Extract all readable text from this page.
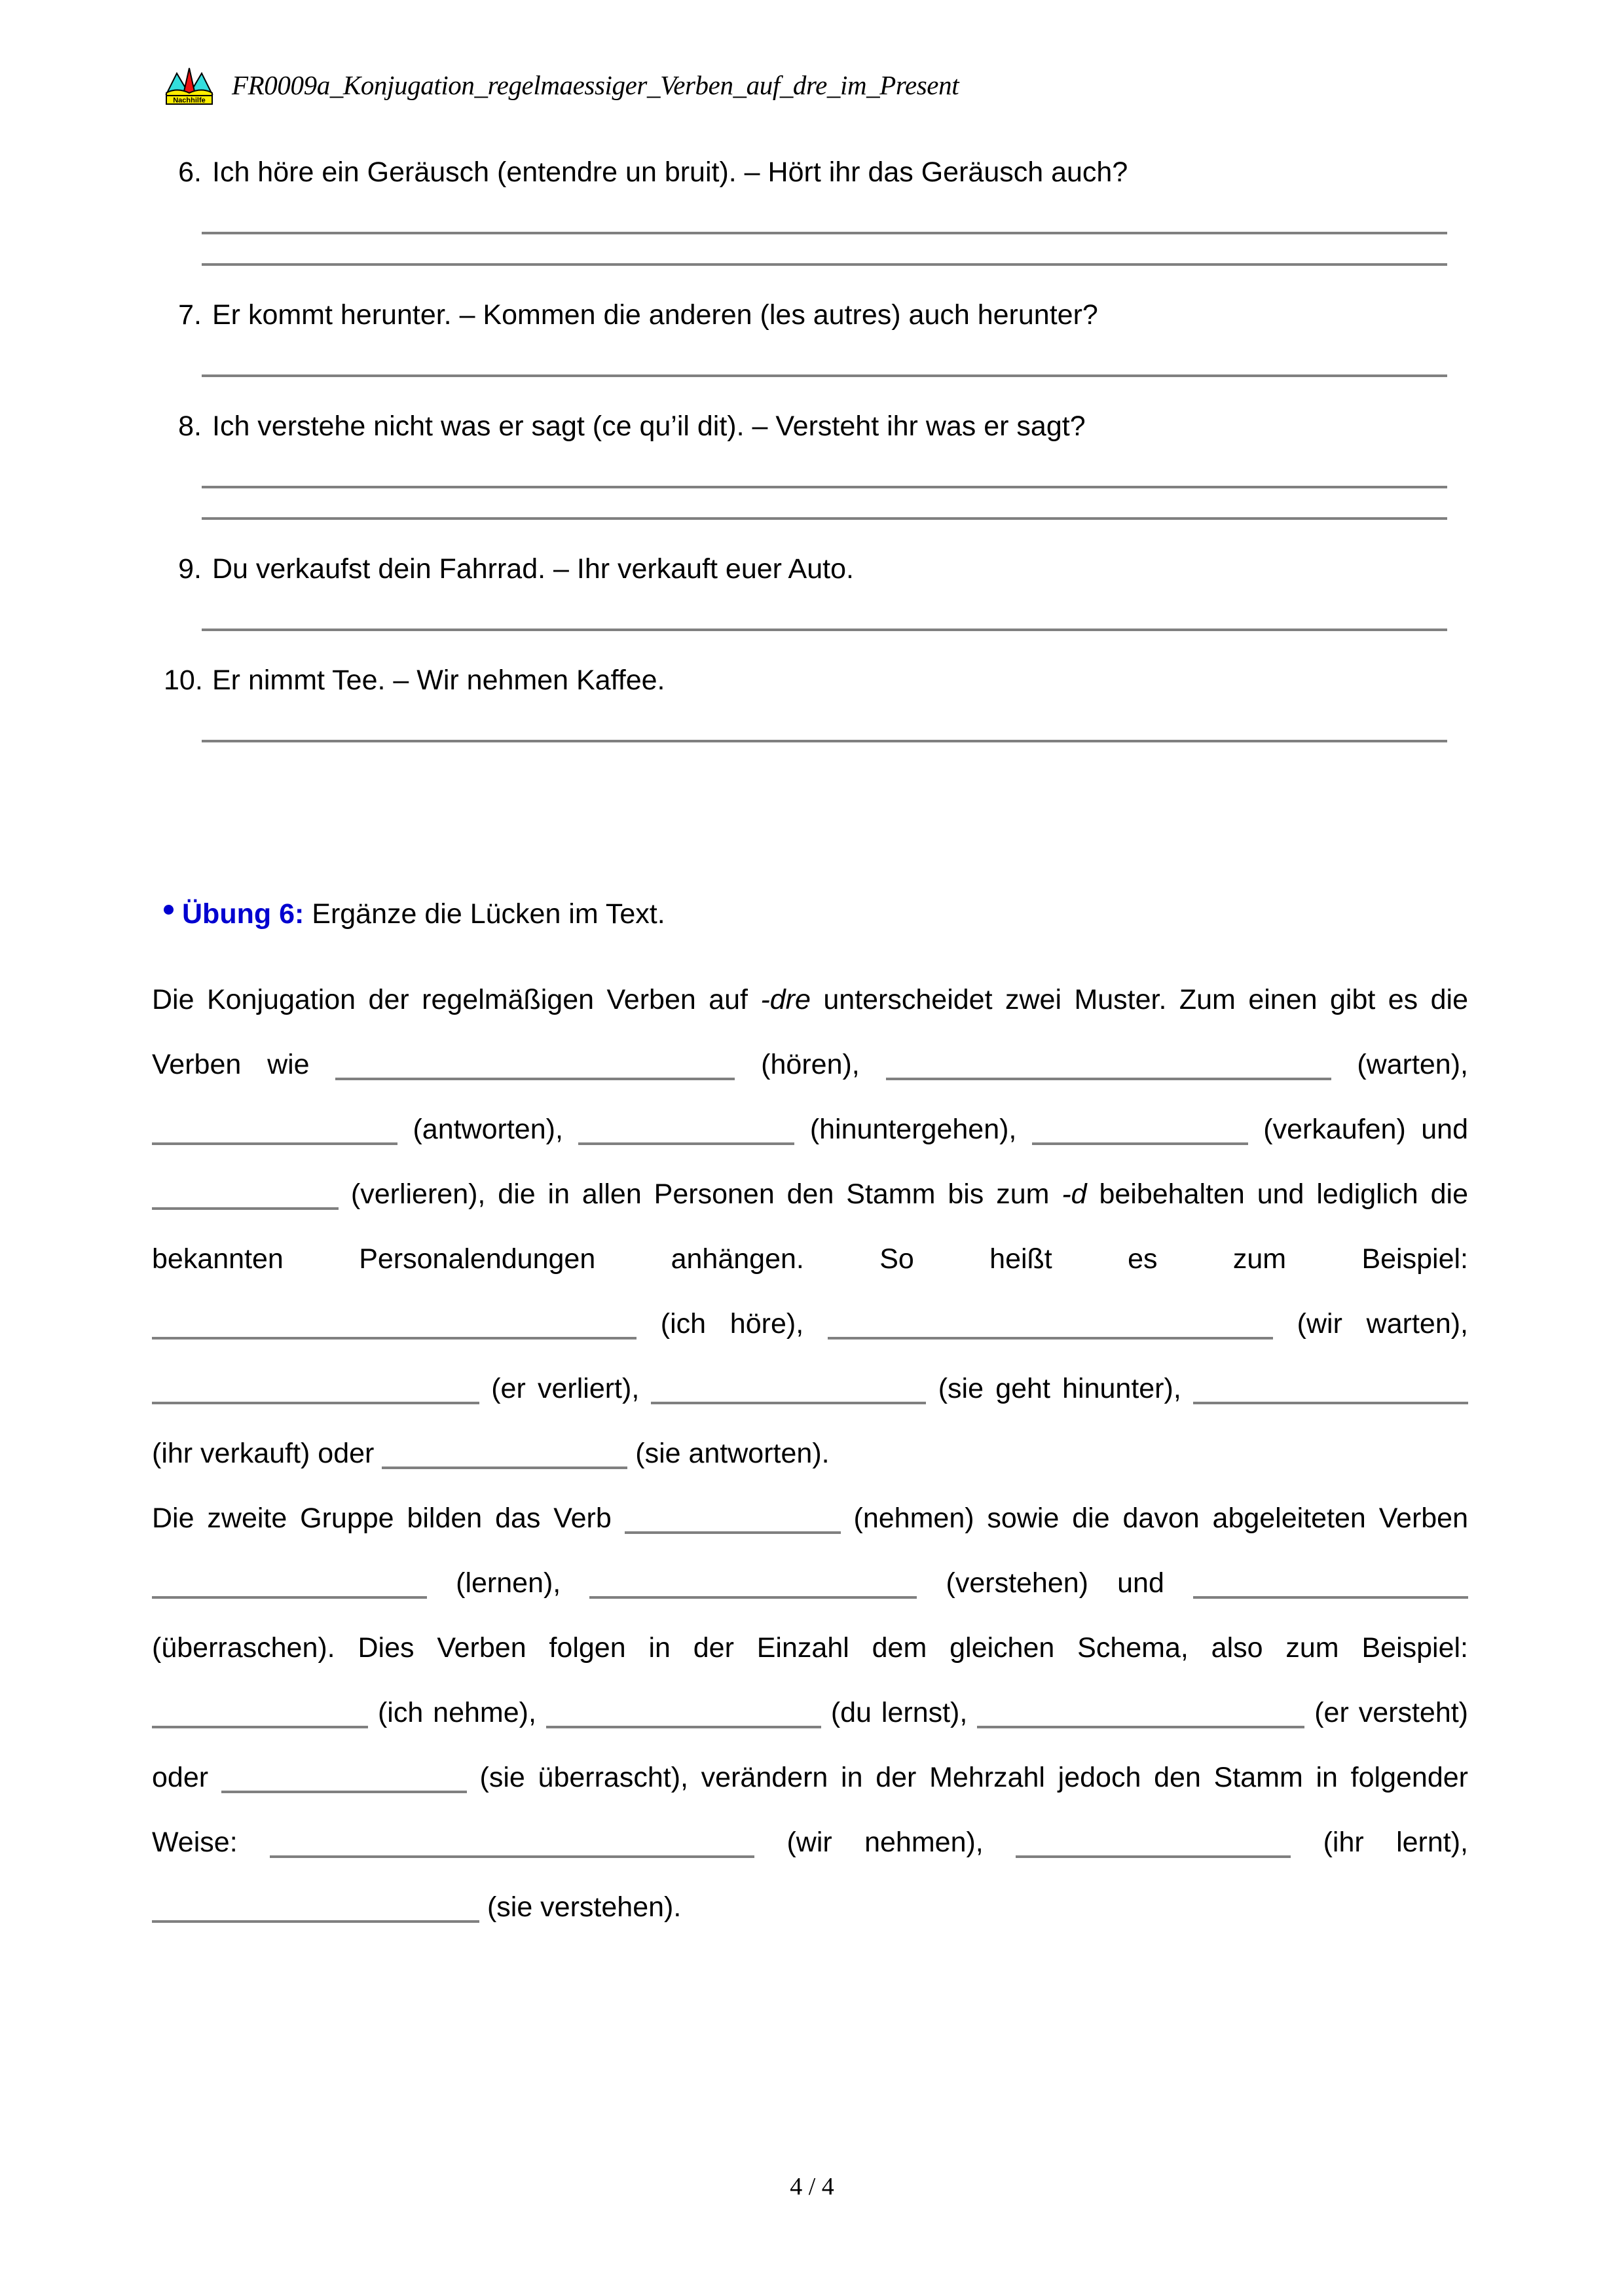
Nachhilfe
FR0009a_Konjugation_regelmaessiger_Verben_auf_dre_im_Present
6. Ich höre ein Geräusch (entendre un bruit). – Hört ihr das Geräusch auch?
7. Er kommt herunter. – Kommen die anderen (les autres) auch herunter?
8. Ich verstehe nicht was er sagt (ce qu’il dit). – Versteht ihr was er sagt?
9. Du verkaufst dein Fahrrad. – Ihr verkauft euer Auto.
10. Er nimmt Tee. – Wir nehmen Kaffee.
Übung 6: Ergänze die Lücken im Text.

Die Konjugation der regelmäßigen Verben auf -dre unterscheidet zwei Muster. Zum einen gibt es die Verben wie	(hören),	(warten),  (antworten),	(hinuntergehen),	(verkaufen) und  (verlieren), die in allen Personen den Stamm bis zum -d beibehalten und lediglich die bekannten Personalendungen anhängen. So heißt es zum Beispiel:  (ich höre),	(wir warten),  (er verliert),	(sie geht hinunter),  (ihr verkauft) oder	(sie antworten).

Die zweite Gruppe bilden das Verb	(nehmen) sowie die davon abgeleiteten Verben  (lernen),	(verstehen) und  (überraschen). Dies Verben folgen in der Einzahl dem gleichen Schema, also zum Beispiel: (ich nehme),	(du lernst),	(er versteht) oder	(sie überrascht), verändern in der Mehrzahl jedoch den Stamm in folgender Weise:	(wir nehmen),	(ihr lernt),  (sie verstehen).

4 / 4
